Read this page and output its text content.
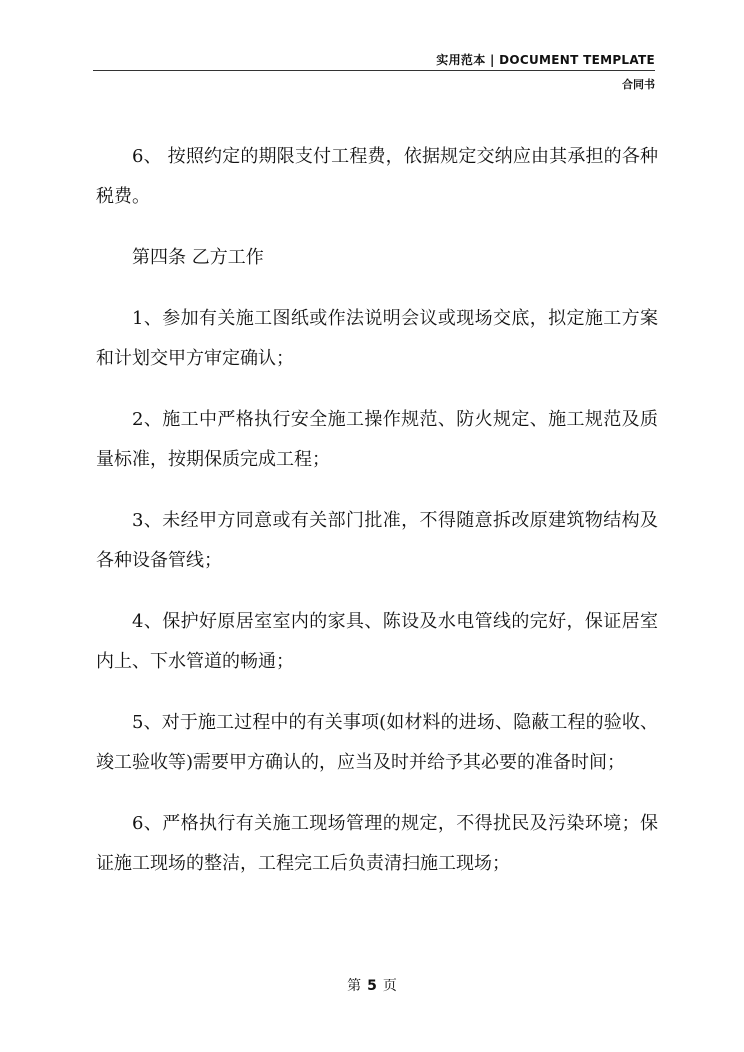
实用范本 | DOCUMENT TEMPLATE
合同书

6、 按照约定的期限支付工程费，依据规定交纳应由其承担的各种税费。

第四条 乙方工作

1、参加有关施工图纸或作法说明会议或现场交底，拟定施工方案和计划交甲方审定确认；

2、施工中严格执行安全施工操作规范、防火规定、施工规范及质量标准，按期保质完成工程；

3、未经甲方同意或有关部门批准，不得随意拆改原建筑物结构及各种设备管线；

4、保护好原居室室内的家具、陈设及水电管线的完好，保证居室内上、下水管道的畅通；

5、对于施工过程中的有关事项(如材料的进场、隐蔽工程的验收、竣工验收等)需要甲方确认的，应当及时并给予其必要的准备时间；

6、严格执行有关施工现场管理的规定，不得扰民及污染环境；保证施工现场的整洁，工程完工后负责清扫施工现场；

第 5 页
